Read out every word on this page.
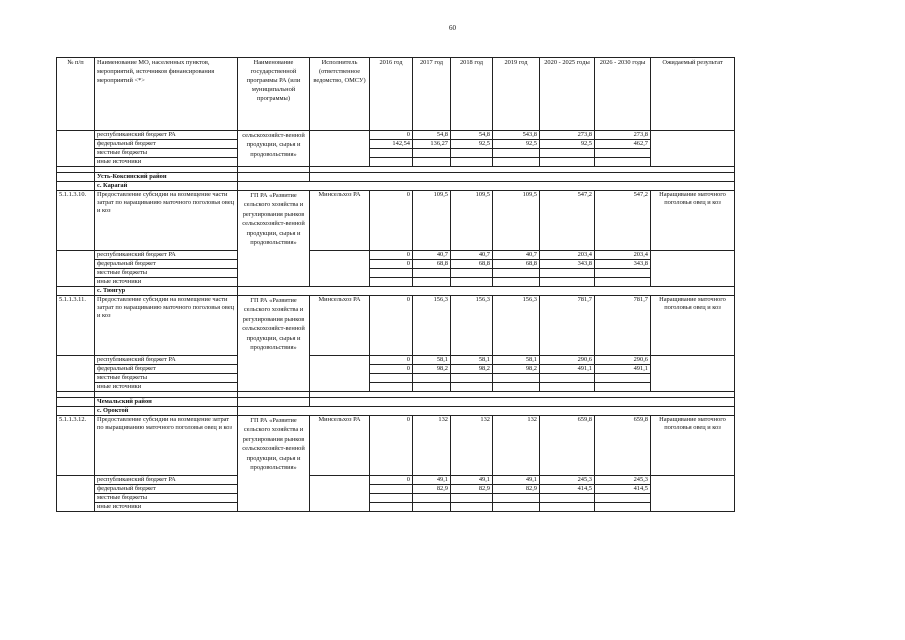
60
№ п/п	Наименование МО, населенных пунктов, мероприятий, источников финансирования мероприятий <*>	Наименование государственной программы РА (или муниципальной программы)	Исполнитель (ответственное ведомство, ОМСУ)	2016 год	2017 год	2018 год	2019 год	2020 - 2025 годы	2026 - 2030 годы	Ожидаемый результат
	республиканский бюджет РА	сельскохозяйст-венной продукции, сырья и продовольствия»		0	54,8	54,8	543,8	273,8	273,8	
	федеральный бюджет			142,54	136,27	92,5	92,5	92,5	462,7	
	местные бюджеты									
	иные источники									

	Усть-Коксинский район									
	с. Карагай									
5.1.1.3.10.	Предоставление субсидии на возмещение части затрат по наращиванию маточного поголовья овец и коз	ГП РА «Развитие сельского хозяйства и регулирования рынков сельскохозяйст-венной продукции, сырья и продовольствия»	Минсельхоз РА	0	109,5	109,5	109,5	547,2	547,2	Наращивание маточного поголовья овец и коз
	республиканский бюджет РА			0	40,7	40,7	40,7	203,4	203,4	
	федеральный бюджет			0	68,8	68,8	68,8	343,8	343,8	
	местные бюджеты									
	иные источники									
	с. Тюнгур									
5.1.1.3.11.	Предоставление субсидии на возмещение части затрат по наращиванию маточного поголовья овец и коз	ГП РА «Развитие сельского хозяйства и регулирования рынков сельскохозяйст-венной продукции, сырья и продовольствия»	Минсельхоз РА	0	156,3	156,3	156,3	781,7	781,7	Наращивание маточного поголовья овец и коз
	республиканский бюджет РА			0	58,1	58,1	58,1	290,6	290,6	
	федеральный бюджет			0	98,2	98,2	98,2	491,1	491,1	
	местные бюджеты									
	иные источники									

	Чемальский район									
	с. Ороктой									
5.1.1.3.12.	Предоставление субсидии на возмещение затрат по выращиванию маточного поголовья овец и коз	ГП РА «Развитие сельского хозяйства и регулирования рынков сельскохозяйст-венной продукции, сырья и продовольствия»	Минсельхоз РА	0	132	132	132	659,8	659,8	Наращивание маточного поголовья овец и коз
	республиканский бюджет РА			0	49,1	49,1	49,1	245,3	245,3	
	федеральный бюджет				82,9	82,9	82,9	414,5	414,5	
	местные бюджеты									
	иные источники									
